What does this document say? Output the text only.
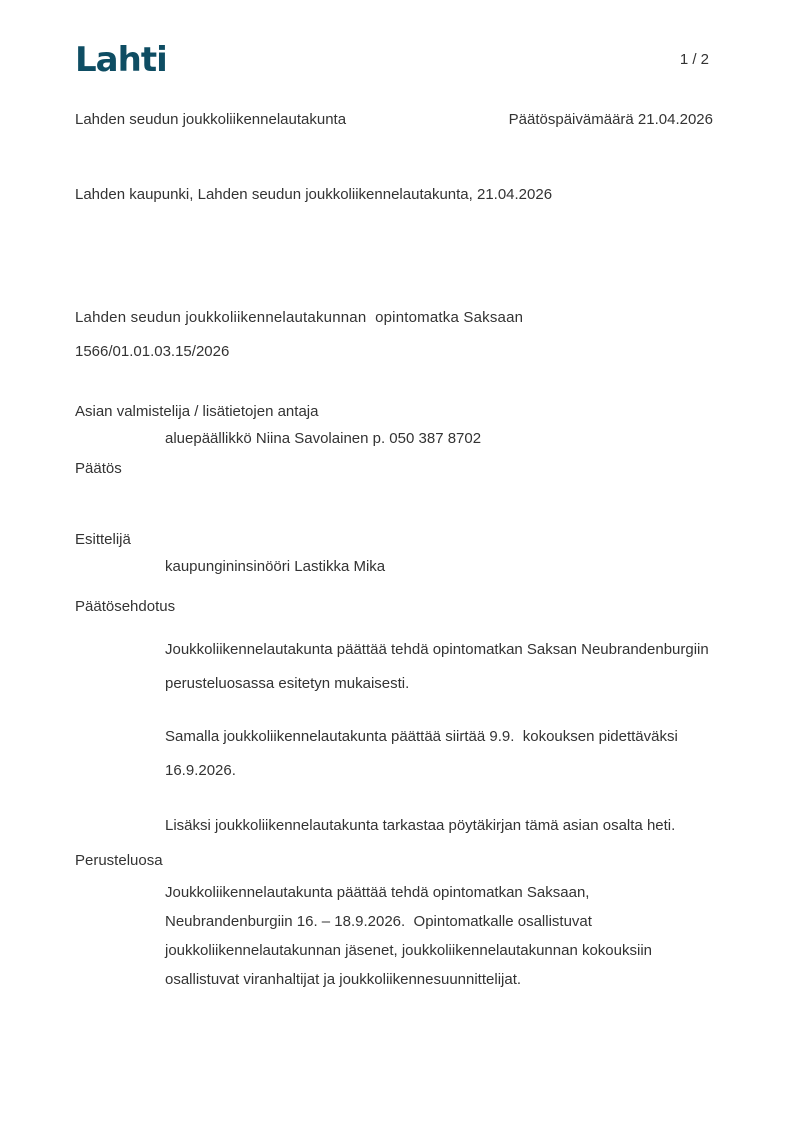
Lahti	1 / 2
Lahden seudun joukkoliikennelautakunta	Päätöspäivämäärä 21.04.2026
Lahden kaupunki, Lahden seudun joukkoliikennelautakunta, 21.04.2026
Lahden seudun joukkoliikennelautakunnan  opintomatka Saksaan
1566/01.01.03.15/2026
Asian valmistelija / lisätietojen antaja
aluepäällikkö Niina Savolainen p. 050 387 8702
Päätös
Esittelijä
kaupungininsinööri Lastikka Mika
Päätösehdotus
Joukkoliikennelautakunta päättää tehdä opintomatkan Saksan Neubrandenburgiin perusteluosassa esitetyn mukaisesti.
Samalla joukkoliikennelautakunta päättää siirtää 9.9.  kokouksen pidettäväksi 16.9.2026.
Lisäksi joukkoliikennelautakunta tarkastaa pöytäkirjan tämä asian osalta heti.
Perusteluosa
Joukkoliikennelautakunta päättää tehdä opintomatkan Saksaan, Neubrandenburgiin 16. – 18.9.2026.  Opintomatkalle osallistuvat joukkoliikennelautakunnan jäsenet, joukkoliikennelautakunnan kokouksiin osallistuvat viranhaltijat ja joukkoliikennesuunnittelijat.
